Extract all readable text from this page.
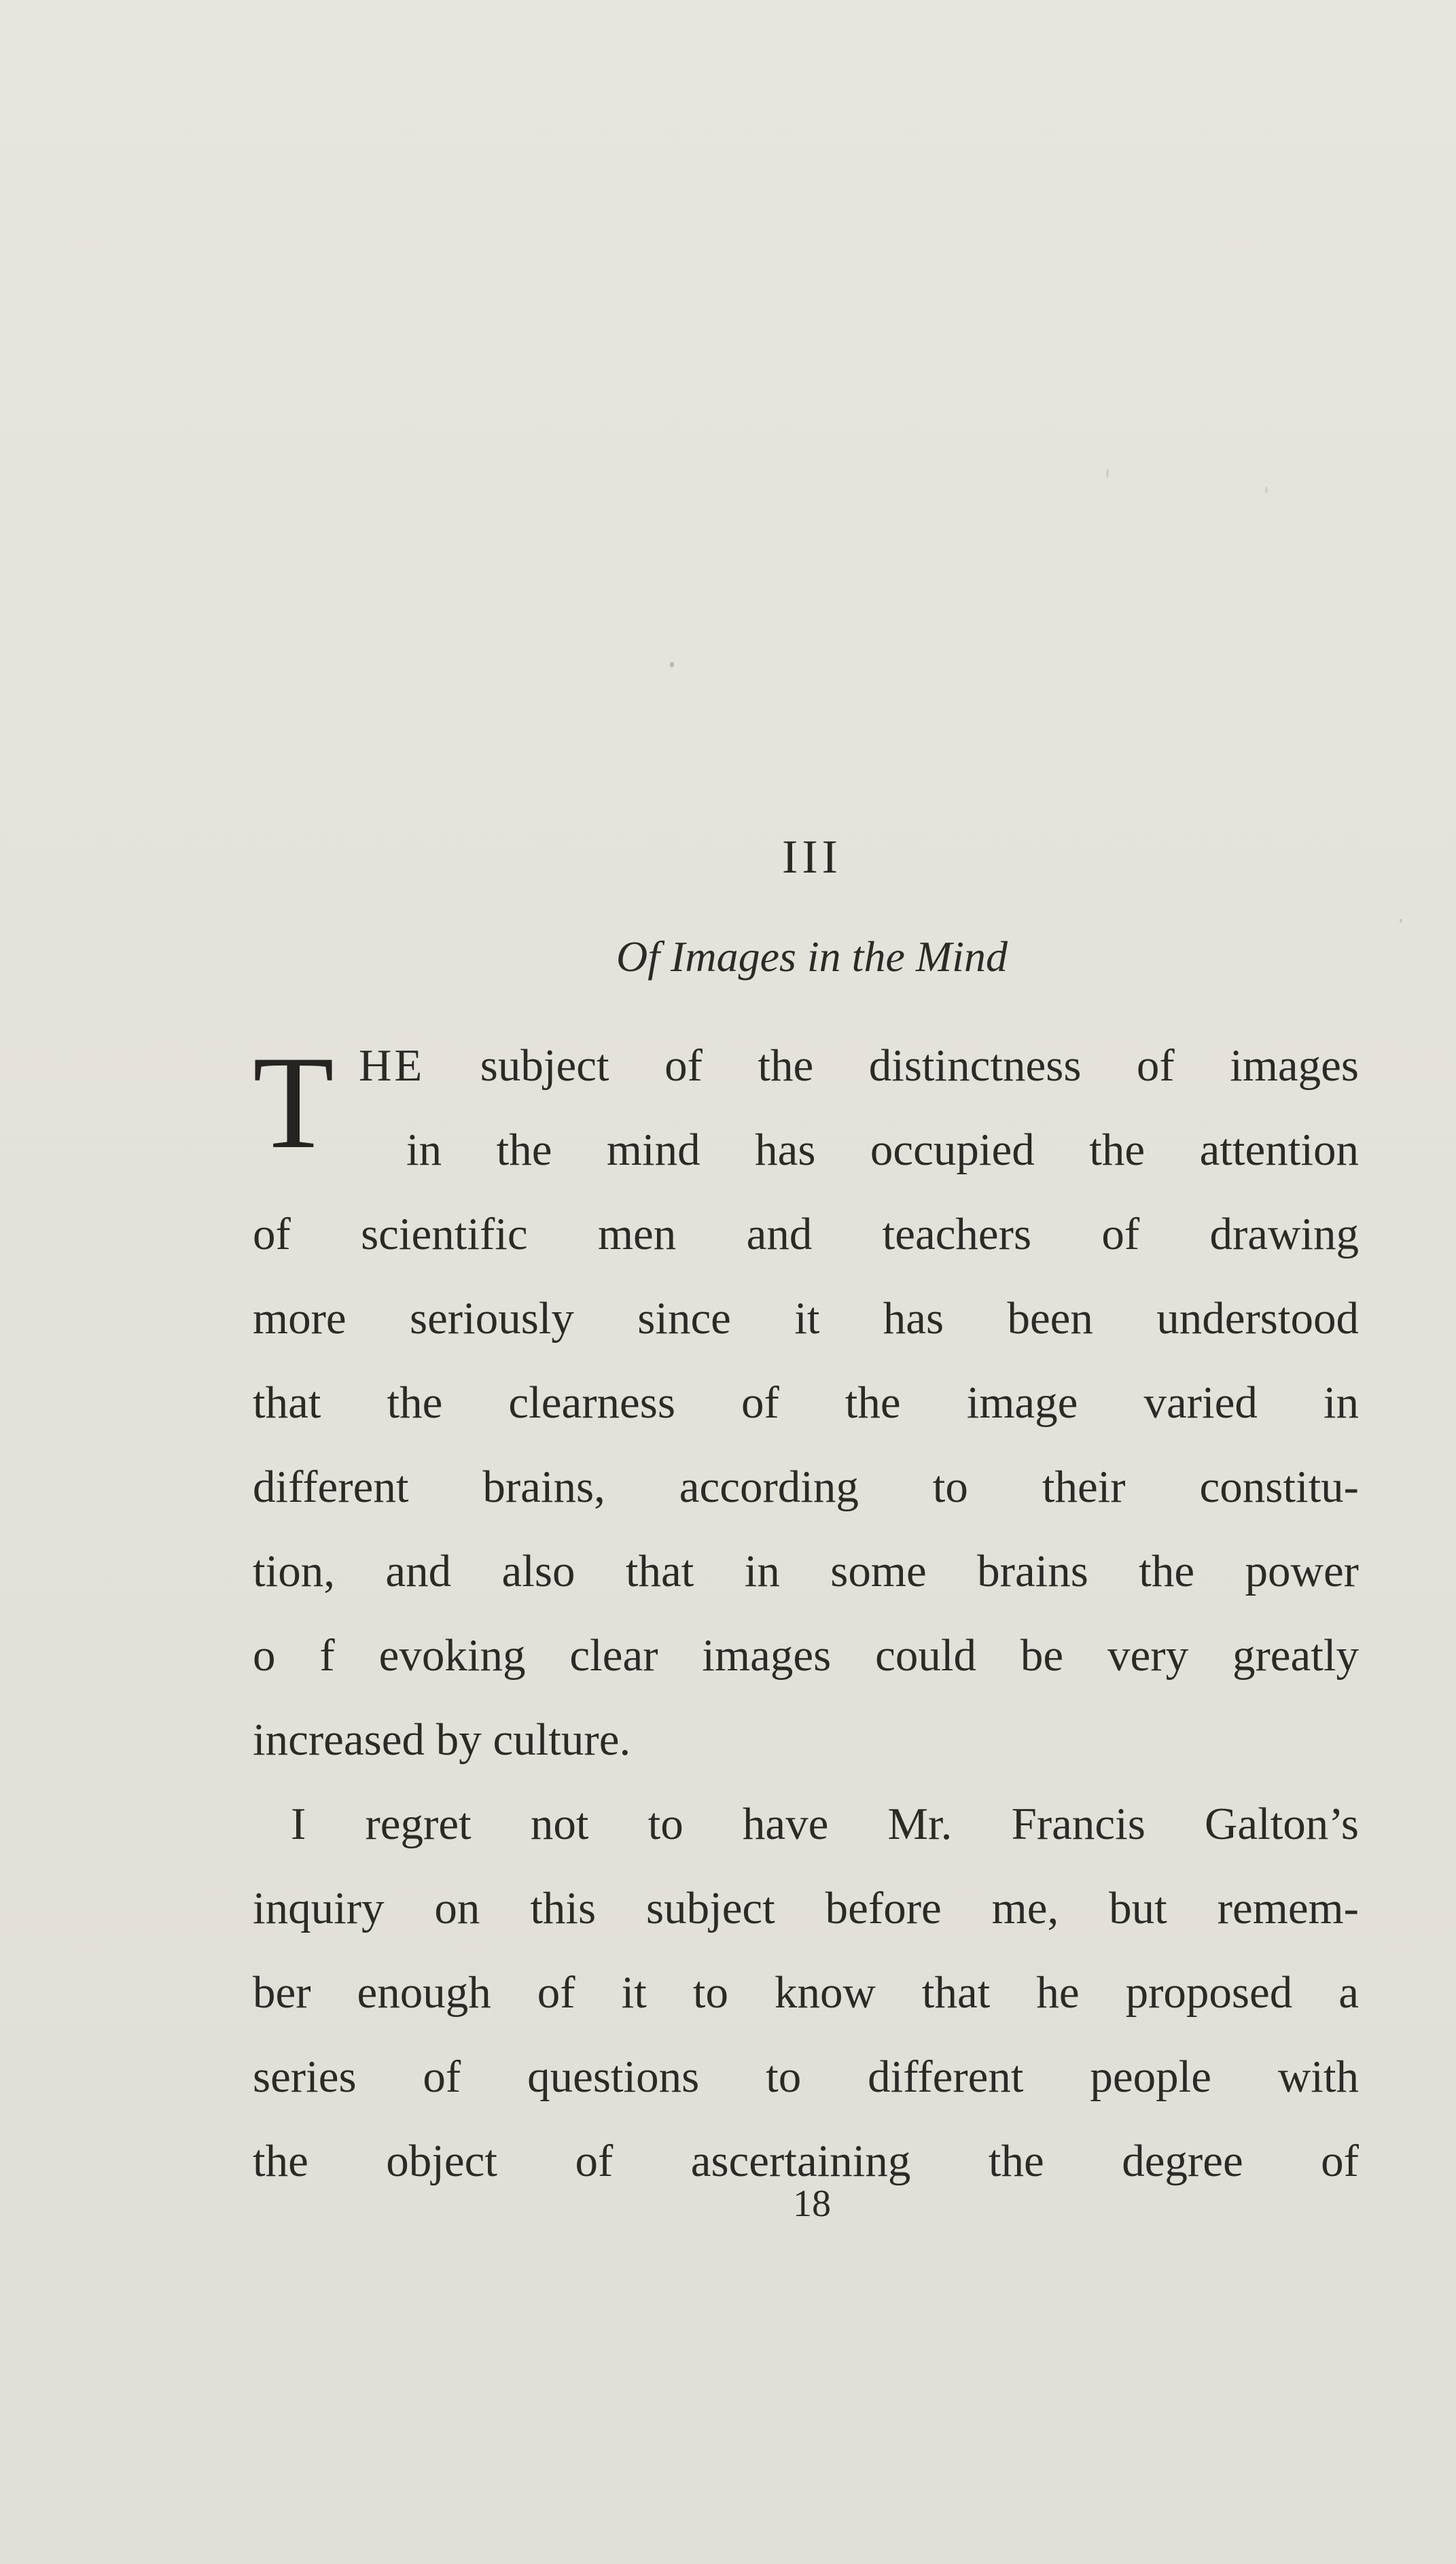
III
Of Images in the Mind
T HE subject of the distinctness of images
in the mind has occupied the attention
of scientific men and teachers of drawing
more seriously since it has been understood
that the clearness of the image varied in
different brains, according to their constitu-
tion, and also that in some brains the power
o f evoking clear images could be very greatly
increased by culture.
I regret not to have Mr. Francis Galton’s
inquiry on this subject before me, but remem-
ber enough of it to know that he proposed a
series of questions to different people with
the object of ascertaining the degree of
18
